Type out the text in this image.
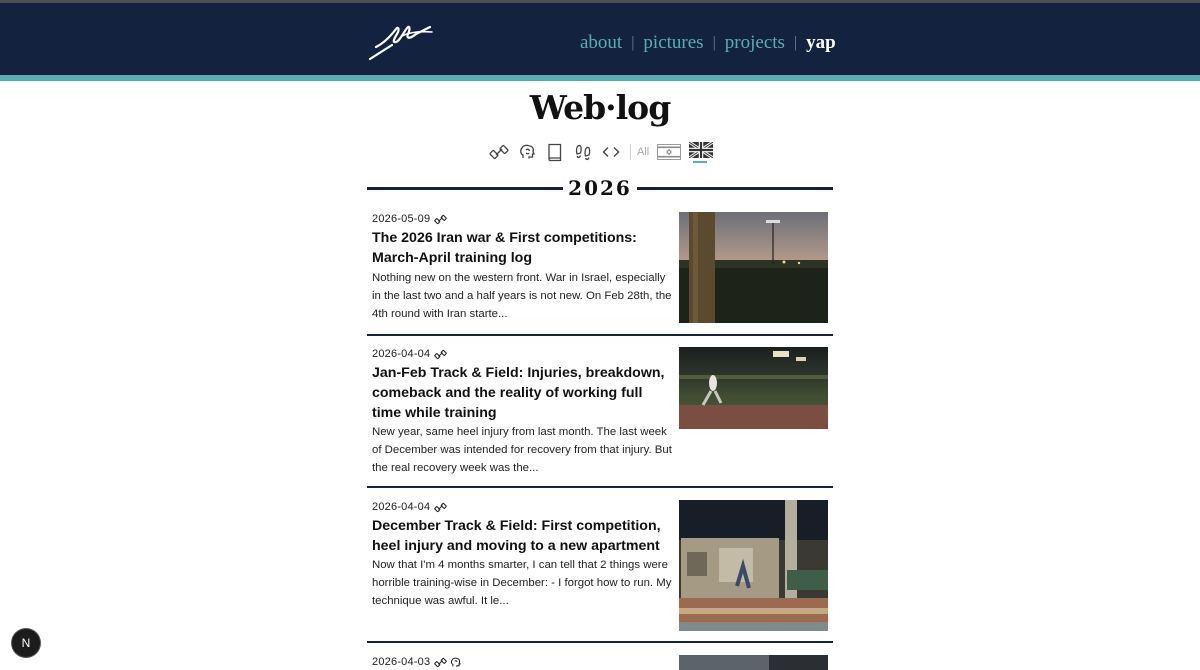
about | pictures | projects | yap
Web·log
All
2026
2026-05-09
The 2026 Iran war & First competitions: March-April training log
Nothing new on the western front. War in Israel, especially in the last two and a half years is not new. On Feb 28th, the 4th round with Iran starte...
2026-04-04
Jan-Feb Track & Field: Injuries, breakdown, comeback and the reality of working full time while training
New year, same heel injury from last month. The last week of December was intended for recovery from that injury. But the real recovery week was the...
2026-04-04
December Track & Field: First competition, heel injury and moving to a new apartment
Now that I'm 4 months smarter, I can tell that 2 things were horrible training-wise in December: - I forgot how to run. My technique was awful. It le...
2026-04-03
N
